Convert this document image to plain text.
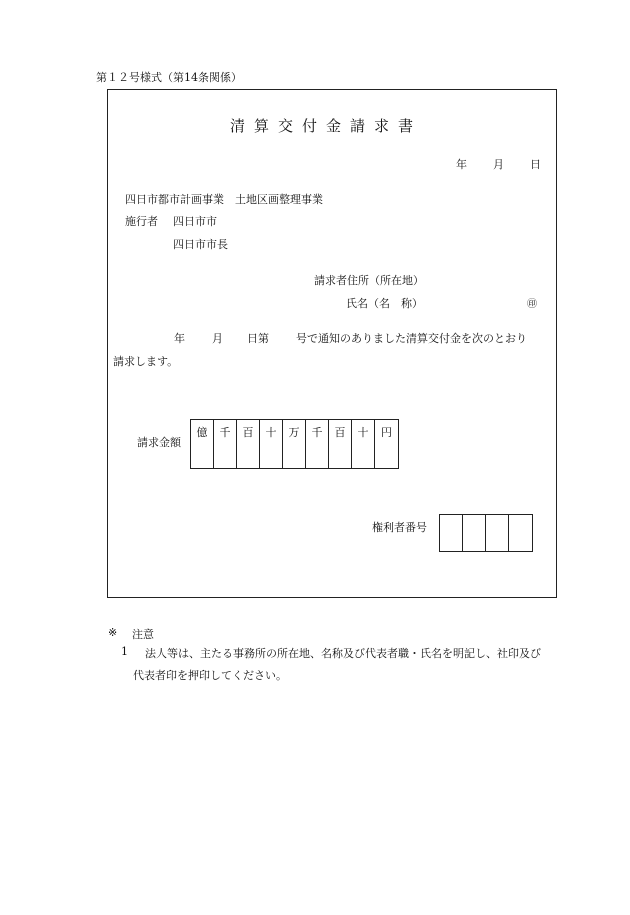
第１２号様式（第14条関係）
清算交付金請求書
年 月 日
四日市都市計画事業　土地区画整理事業
施行者 四日市市
四日市市長
請求者住所（所在地）
氏名（名　称）	㊞
年 月 日第 号で通知のありました清算交付金を次のとおり
請求します。
請求金額
億	千	百	十	万	千	百	十	円
権利者番号
※ 注意
1 法人等は、主たる事務所の所在地、名称及び代表者職・氏名を明記し、社印及び
代表者印を押印してください。
